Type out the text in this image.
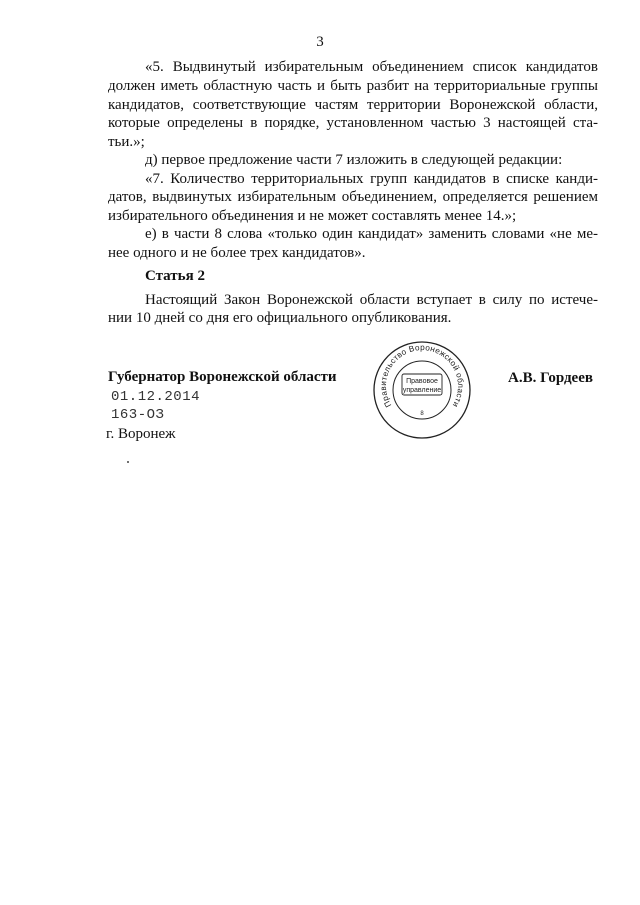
3
«5. Выдвинутый избирательным объединением список кандидатов
должен иметь областную часть и быть разбит на территориальные группы
кандидатов, соответствующие частям территории Воронежской области,
которые определены в порядке, установленном частью 3 настоящей ста-
тьи.»;
д) первое предложение части 7 изложить в следующей редакции:
«7. Количество территориальных групп кандидатов в списке канди-
датов, выдвинутых избирательным объединением, определяется решением
избирательного объединения и не может составлять менее 14.»;
е) в части 8 слова «только один кандидат» заменить словами «не ме-
нее одного и не более трех кандидатов».
Статья 2
Настоящий Закон Воронежской области вступает в силу по истече-
нии 10 дней со дня его официального опубликования.
Губернатор Воронежской области	А.В. Гордеев
01.12.2014
163-ОЗ
г. Воронеж
Правительство Воронежской области
Правовое
управление
8
